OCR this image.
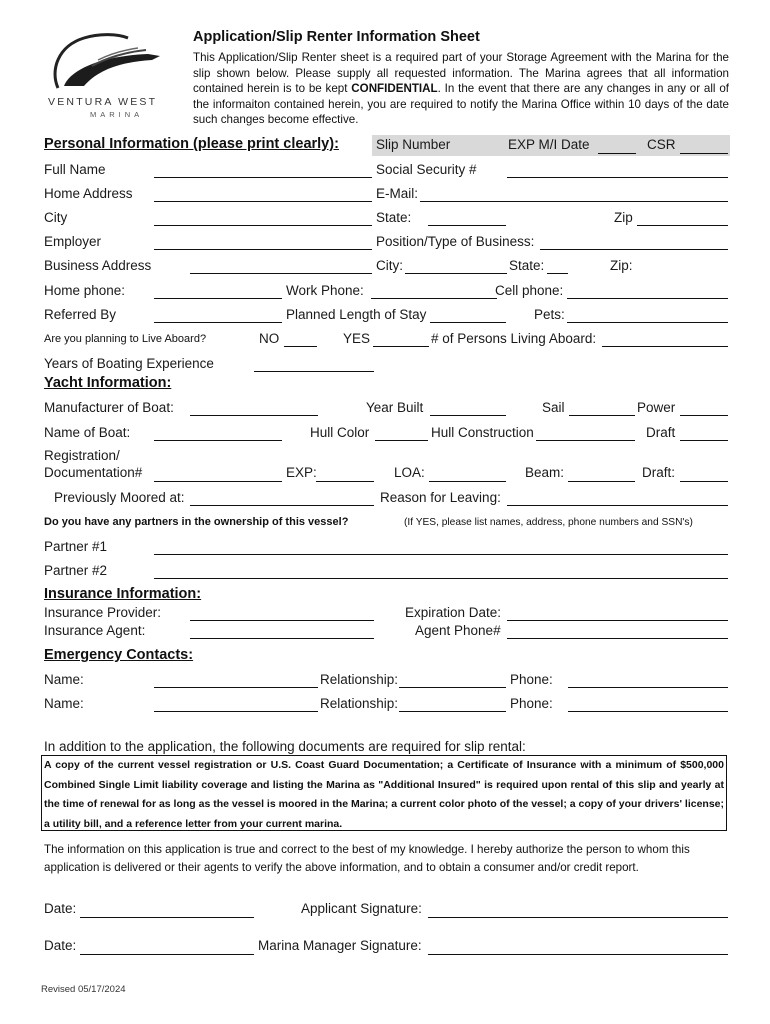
VENTURA WEST
MARINA
Application/Slip Renter Information Sheet
This Application/Slip Renter sheet is a required part of your Storage Agreement with the Marina for the slip shown below. Please supply all requested information. The Marina agrees that all information contained herein is to be kept CONFIDENTIAL. In the event that there are any changes in any or all of the informaiton contained herein, you are required to notify the Marina Office within 10 days of the date such changes become effective.
Personal Information (please print clearly):	Slip Number	EXP M/I Date	CSR
Full Name	Social Security #
Home Address	E-Mail:
City	State:	Zip
Employer	Position/Type of Business:
Business Address	City:	State:	Zip:
Home phone:	Work Phone:	Cell phone:
Referred By	Planned Length of Stay	Pets:
Are you planning to Live Aboard?	NO	YES	# of Persons Living Aboard:
Years of Boating Experience
Yacht Information:
Manufacturer of Boat:	Year Built	Sail	Power
Name of Boat:	Hull Color	Hull Construction	Draft
Registration/
Documentation#	EXP:	LOA:	Beam:	Draft:
Previously Moored at:	Reason for Leaving:
Do you have any partners in the ownership of this vessel?	(If YES, please list names, address, phone numbers and SSN's)
Partner #1
Partner #2
Insurance Information:
Insurance Provider:	Expiration Date:
Insurance Agent:	Agent Phone#
Emergency Contacts:
Name:	Relationship:	Phone:
Name:	Relationship:	Phone:
In addition to the application, the following documents are required for slip rental:
A copy of the current vessel registration or U.S. Coast Guard Documentation; a Certificate of Insurance with a minimum of $500,000 Combined Single Limit liability coverage and listing the Marina as "Additional Insured" is required upon rental of this slip and yearly at the time of renewal for as long as the vessel is moored in the Marina; a current color photo of the vessel; a copy of your drivers' license; a utility bill, and a reference letter from your current marina.
The information on this application is true and correct to the best of my knowledge. I hereby authorize the person to whom this application is delivered or their agents to verify the above information, and to obtain a consumer and/or credit report.
Date:	Applicant Signature:
Date:	Marina Manager Signature:
Revised 05/17/2024
